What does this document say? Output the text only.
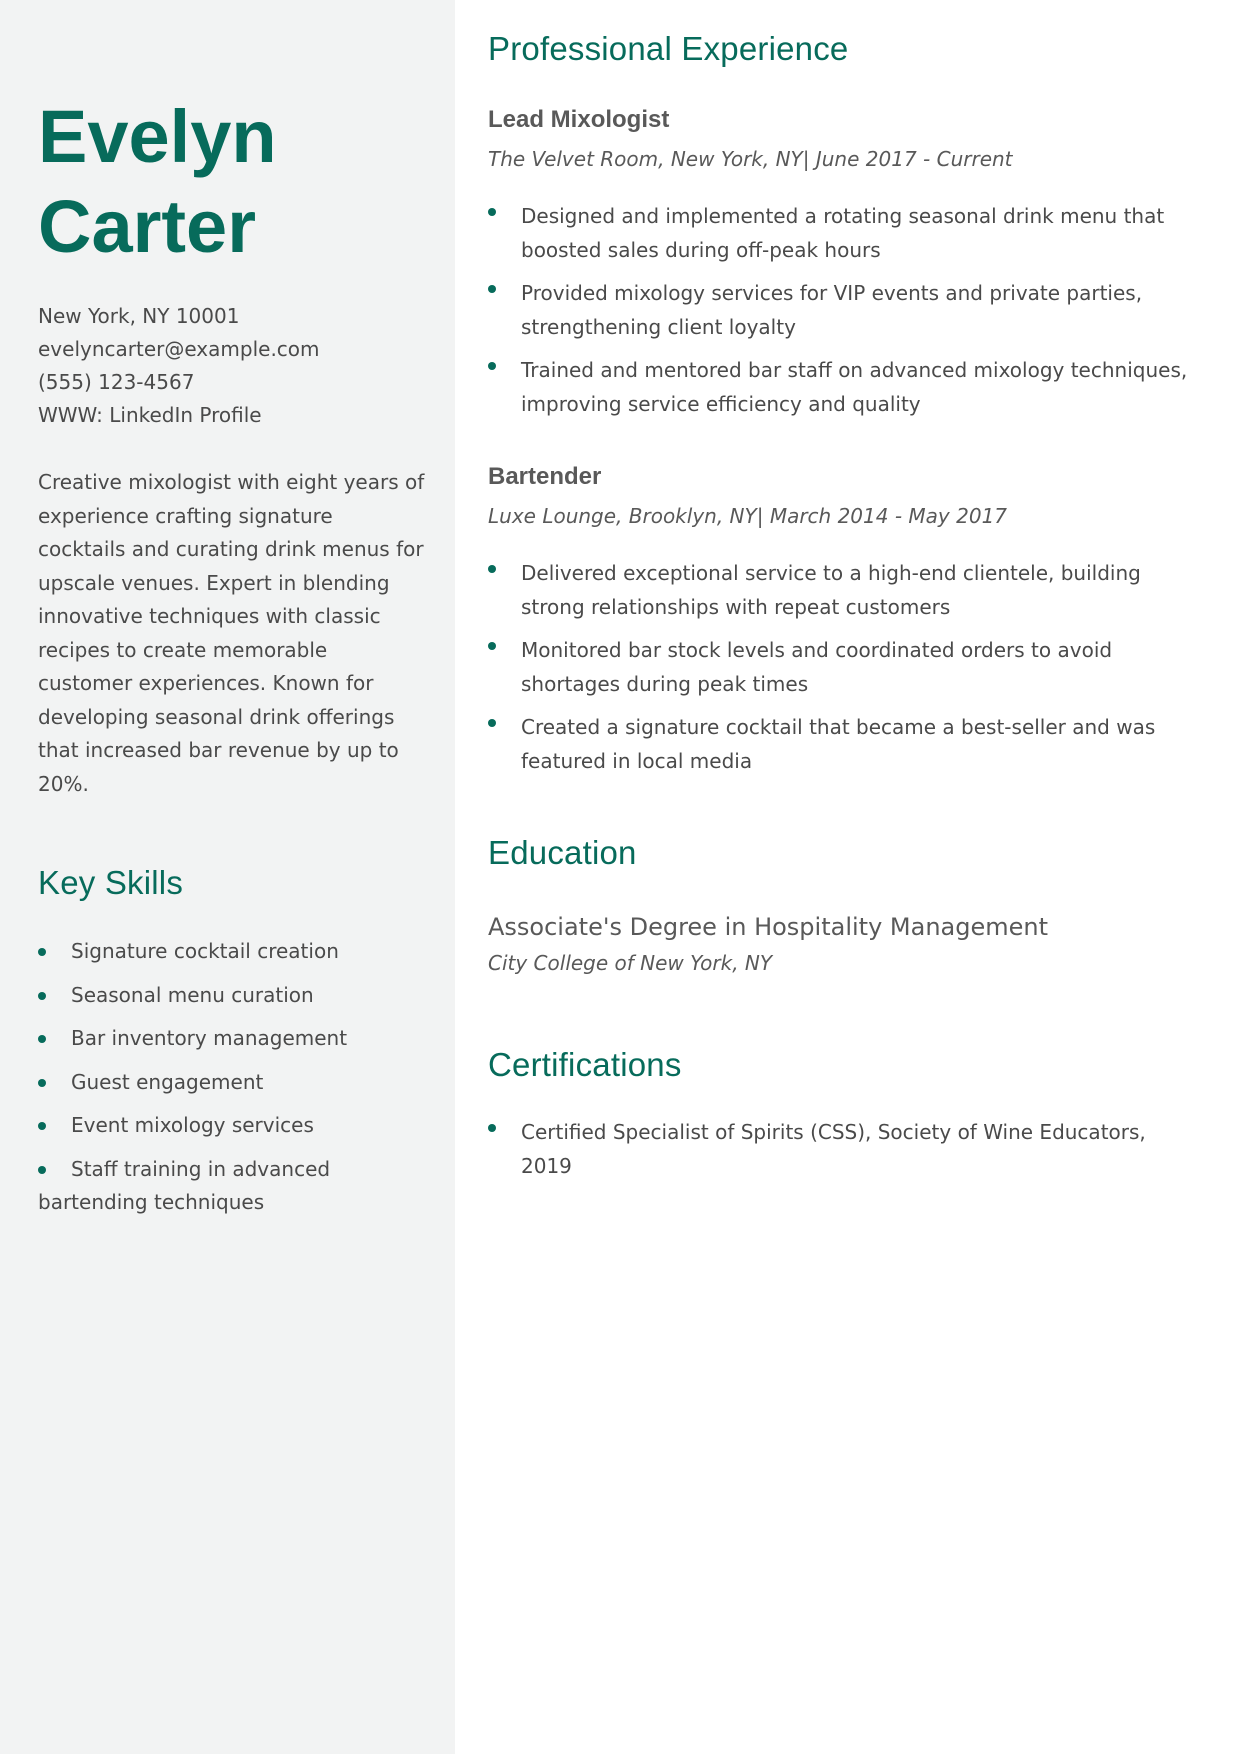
Evelyn
Carter
New York, NY 10001
evelyncarter@example.com
(555) 123-4567
WWW: LinkedIn Profile

Creative mixologist with eight years of experience crafting signature cocktails and curating drink menus for upscale venues. Expert in blending innovative techniques with classic recipes to create memorable customer experiences. Known for developing seasonal drink offerings that increased bar revenue by up to 20%.

Key Skills
Signature cocktail creation
Seasonal menu curation
Bar inventory management
Guest engagement
Event mixology services
Staff training in advanced bartending techniques
Professional Experience
Lead Mixologist
The Velvet Room, New York, NY| June 2017 - Current
Designed and implemented a rotating seasonal drink menu that boosted sales during off-peak hours
Provided mixology services for VIP events and private parties, strengthening client loyalty
Trained and mentored bar staff on advanced mixology techniques, improving service efficiency and quality
Bartender
Luxe Lounge, Brooklyn, NY| March 2014 - May 2017
Delivered exceptional service to a high-end clientele, building strong relationships with repeat customers
Monitored bar stock levels and coordinated orders to avoid shortages during peak times
Created a signature cocktail that became a best-seller and was featured in local media
Education
Associate's Degree in Hospitality Management
City College of New York, NY
Certifications
Certified Specialist of Spirits (CSS), Society of Wine Educators, 2019
